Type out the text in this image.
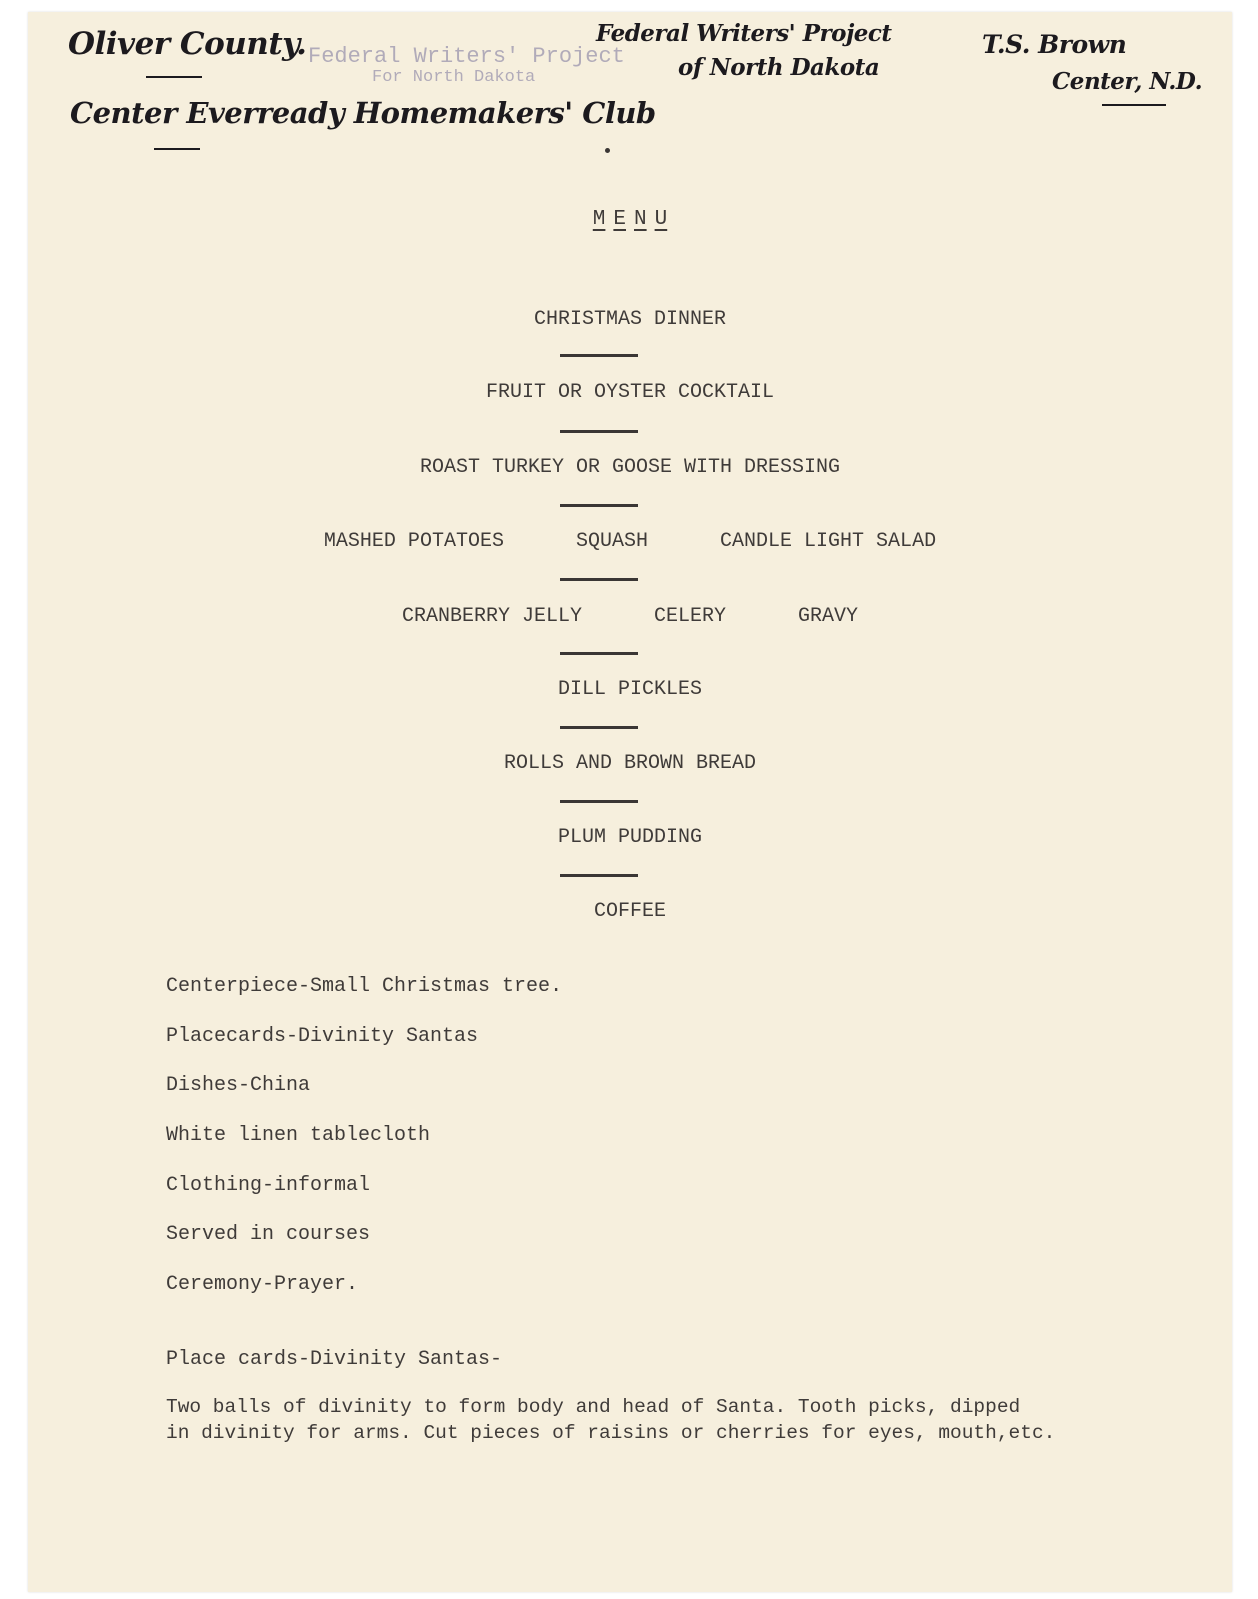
Oliver County.
Center Everready Homemakers' Club
Federal Writers' Project
of North Dakota
T.S. Brown
Center, N.D.
Federal Writers' Project
For North Dakota
M E N U
CHRISTMAS DINNER
FRUIT OR OYSTER COCKTAIL
ROAST TURKEY OR GOOSE WITH DRESSING
MASHED POTATOES	SQUASH	CANDLE LIGHT SALAD
CRANBERRY JELLY	CELERY	GRAVY
DILL PICKLES
ROLLS AND BROWN BREAD
PLUM PUDDING
COFFEE
Centerpiece-Small Christmas tree.
Placecards-Divinity Santas
Dishes-China
White linen tablecloth
Clothing-informal
Served in courses
Ceremony-Prayer.
Place cards-Divinity Santas-
Two balls of divinity to form body and head of Santa. Tooth picks, dipped
in divinity for arms. Cut pieces of raisins or cherries for eyes, mouth,etc.
